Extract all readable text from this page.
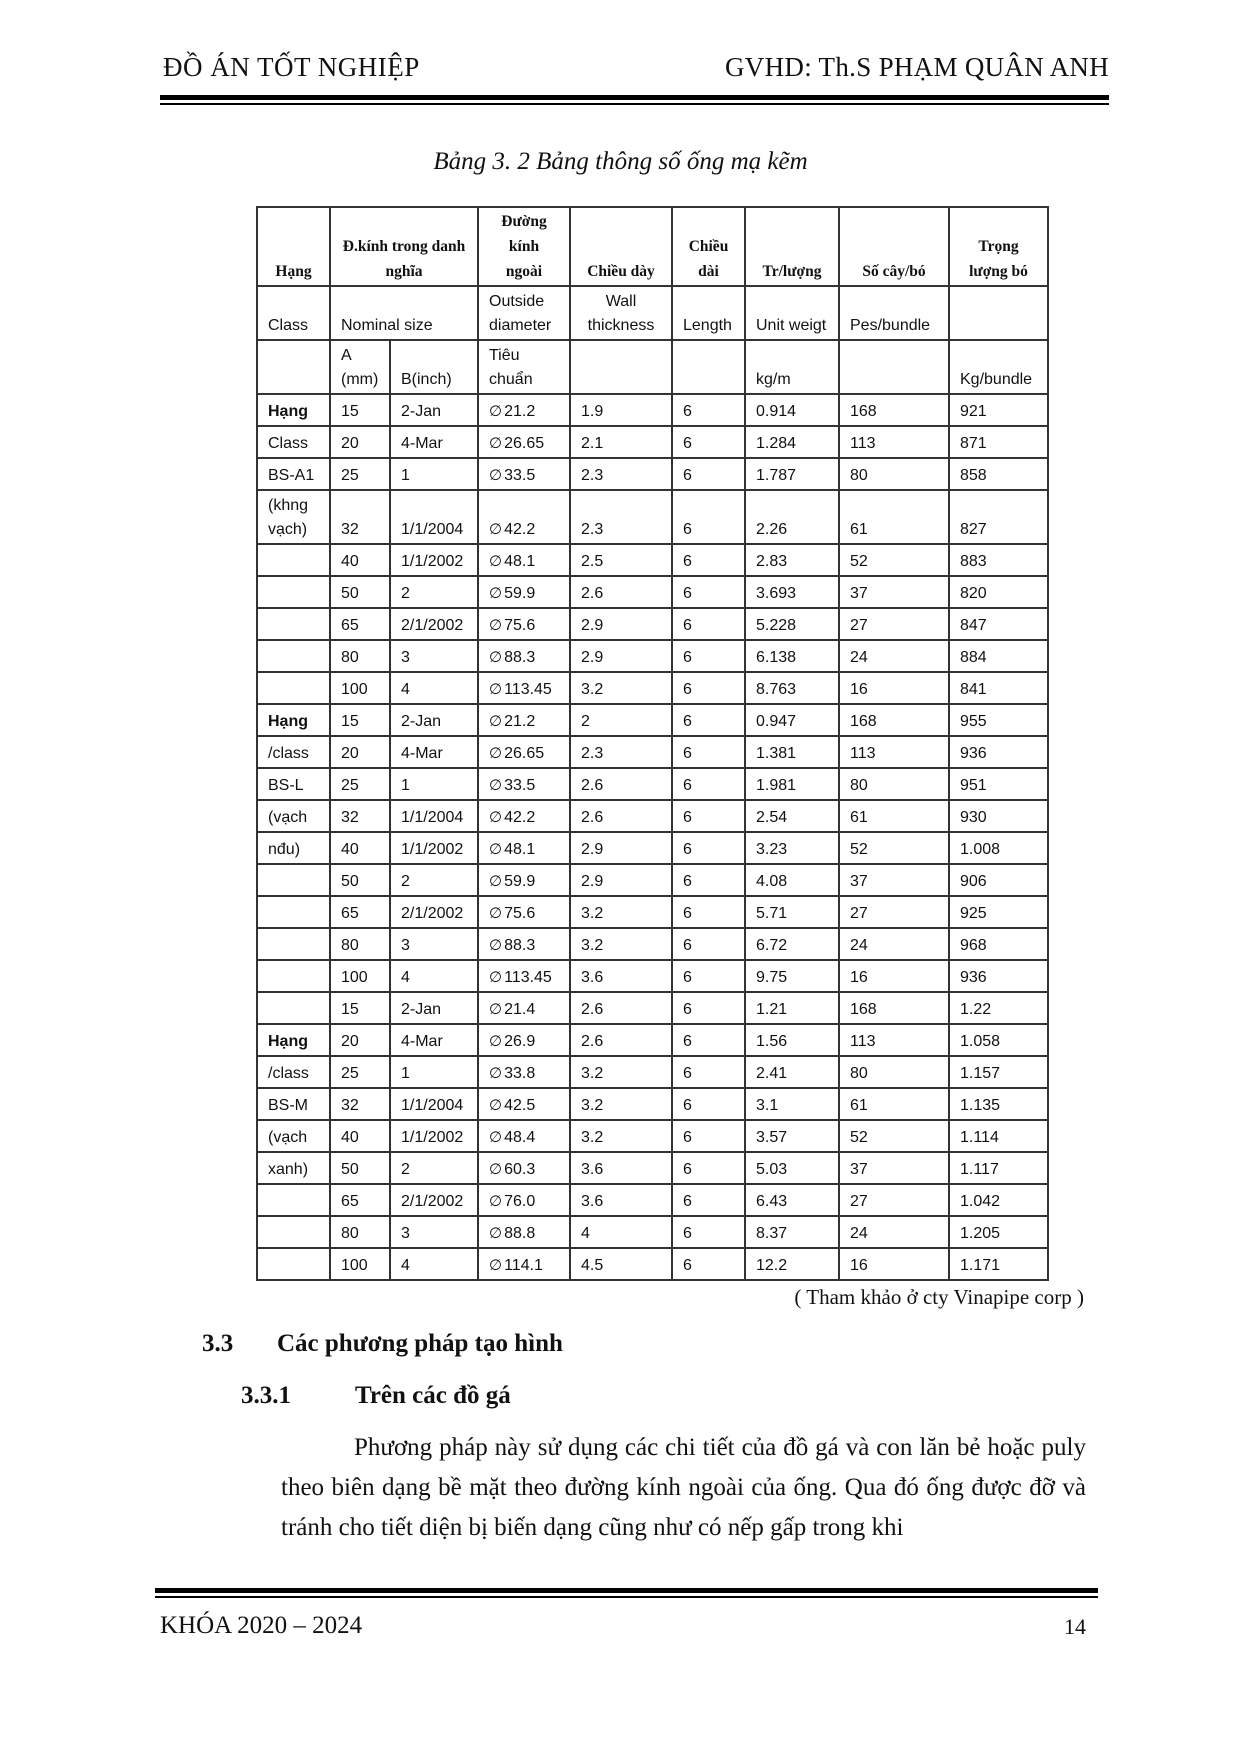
ĐỒ ÁN TỐT NGHIỆP	GVHD: Th.S PHẠM QUÂN ANH
Bảng 3. 2 Bảng thông số ống mạ kẽm
Hạng	Đ.kính trong danh nghĩa		Đường kính ngoài	Chiều dày	Chiều dài	Tr/lượng	Số cây/bó	Trọng lượng bó
Class	Nominal size		Outside diameter	Wall thickness	Length	Unit weigt	Pes/bundle	
	A (mm)	B(inch)	Tiêu chuẩn			kg/m		Kg/bundle
Hạng	15	2-Jan	∅ 21.2	1.9	6	0.914	168	921
Class	20	4-Mar	∅ 26.65	2.1	6	1.284	113	871
BS-A1	25	1	∅ 33.5	2.3	6	1.787	80	858
(khng vạch)	32	1/1/2004	∅ 42.2	2.3	6	2.26	61	827
	40	1/1/2002	∅ 48.1	2.5	6	2.83	52	883
	50	2	∅ 59.9	2.6	6	3.693	37	820
	65	2/1/2002	∅ 75.6	2.9	6	5.228	27	847
	80	3	∅ 88.3	2.9	6	6.138	24	884
	100	4	∅ 113.45	3.2	6	8.763	16	841
Hạng	15	2-Jan	∅ 21.2	2	6	0.947	168	955
/class	20	4-Mar	∅ 26.65	2.3	6	1.381	113	936
BS-L	25	1	∅ 33.5	2.6	6	1.981	80	951
(vạch	32	1/1/2004	∅ 42.2	2.6	6	2.54	61	930
nđu)	40	1/1/2002	∅ 48.1	2.9	6	3.23	52	1.008
	50	2	∅ 59.9	2.9	6	4.08	37	906
	65	2/1/2002	∅ 75.6	3.2	6	5.71	27	925
	80	3	∅ 88.3	3.2	6	6.72	24	968
	100	4	∅ 113.45	3.6	6	9.75	16	936
	15	2-Jan	∅ 21.4	2.6	6	1.21	168	1.22
Hạng	20	4-Mar	∅ 26.9	2.6	6	1.56	113	1.058
/class	25	1	∅ 33.8	3.2	6	2.41	80	1.157
BS-M	32	1/1/2004	∅ 42.5	3.2	6	3.1	61	1.135
(vạch	40	1/1/2002	∅ 48.4	3.2	6	3.57	52	1.114
xanh)	50	2	∅ 60.3	3.6	6	5.03	37	1.117
	65	2/1/2002	∅ 76.0	3.6	6	6.43	27	1.042
	80	3	∅ 88.8	4	6	8.37	24	1.205
	100	4	∅ 114.1	4.5	6	12.2	16	1.171
( Tham khảo ở cty Vinapipe corp )
3.3 Các phương pháp tạo hình
3.3.1	Trên các đồ gá
Phương pháp này sử dụng các chi tiết của đồ gá và con lăn bẻ hoặc puly theo biên dạng bề mặt theo đường kính ngoài của ống. Qua đó ống được đỡ và tránh cho tiết diện bị biến dạng cũng như có nếp gấp trong khi
KHÓA 2020 – 2024	14
